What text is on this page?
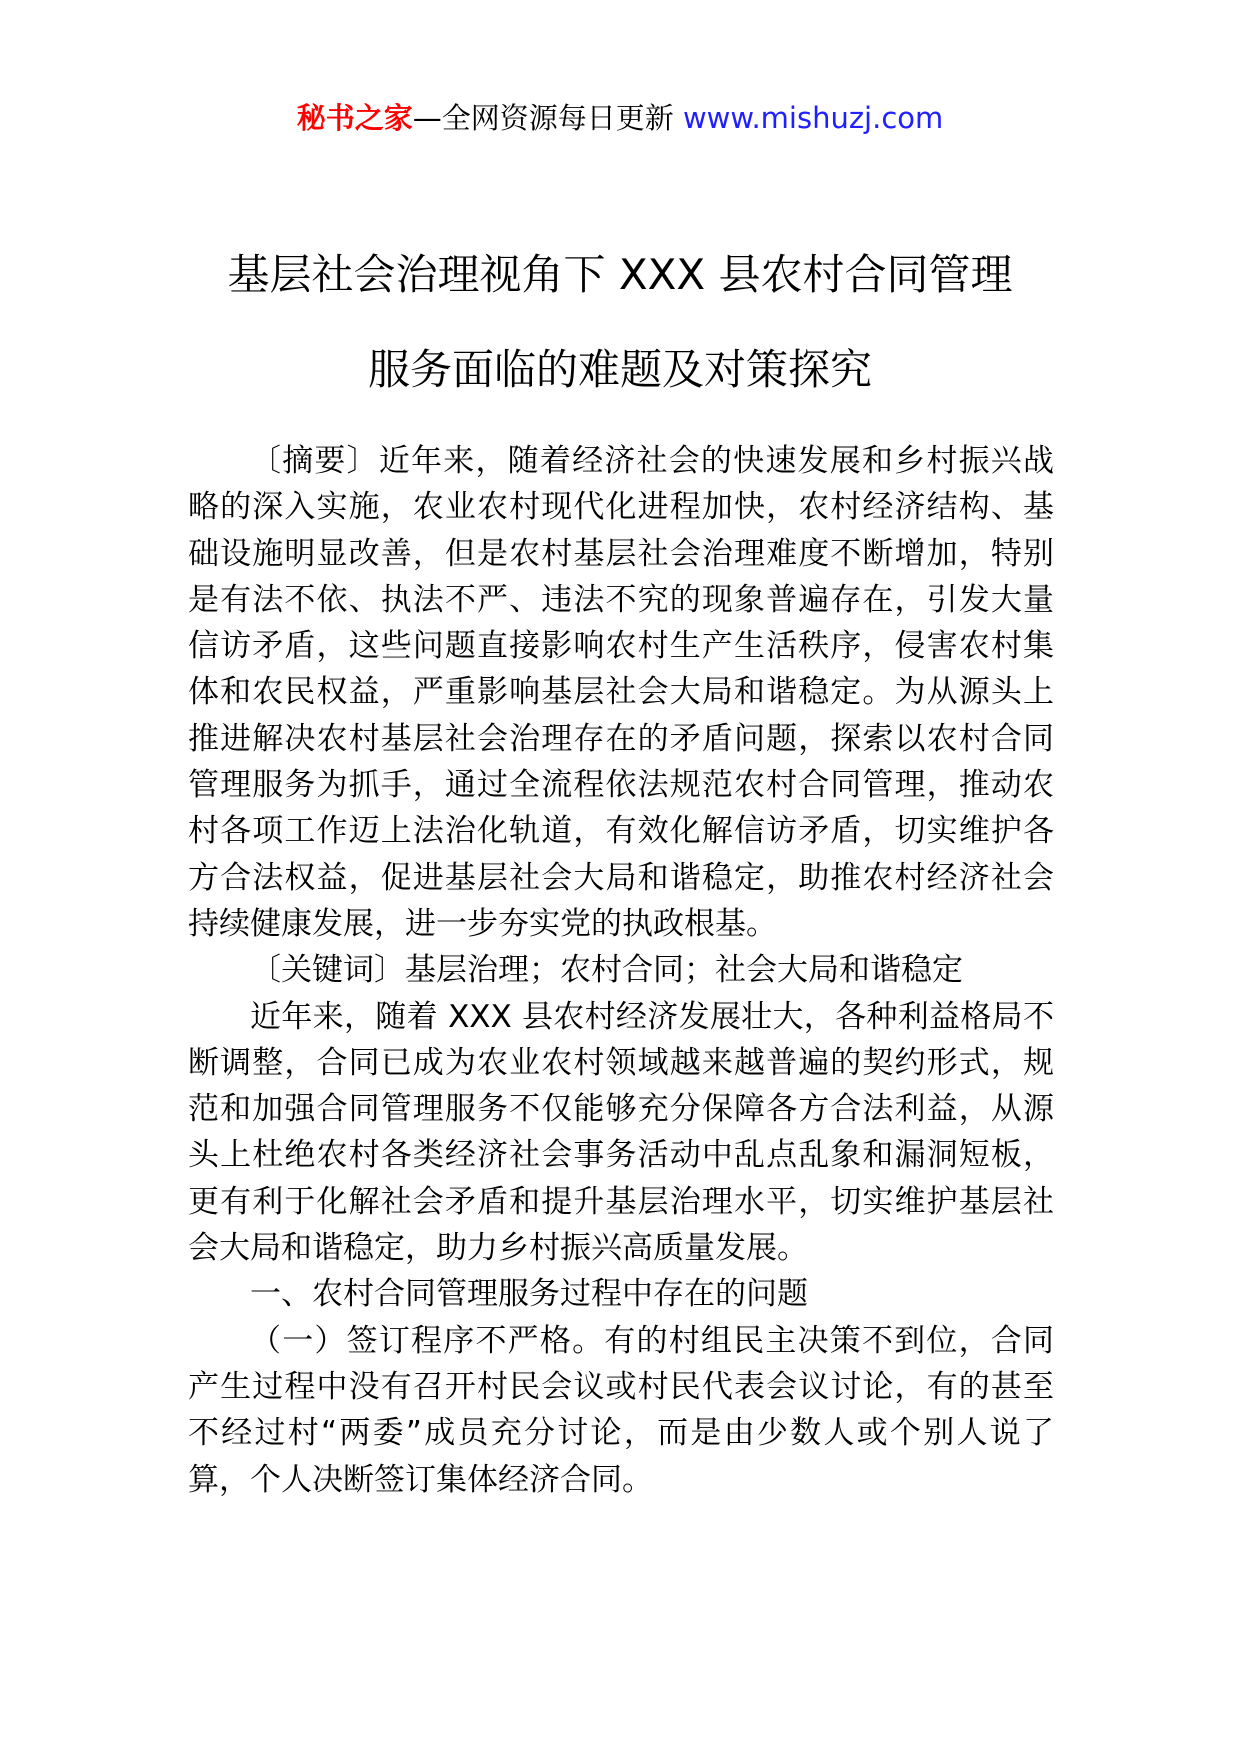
秘书之家—全网资源每日更新 www.mishuzj.com
基层社会治理视角下 XXX 县农村合同管理
服务面临的难题及对策探究

〔摘要〕近年来，随着经济社会的快速发展和乡村振兴战略的深入实施，农业农村现代化进程加快，农村经济结构、基础设施明显改善，但是农村基层社会治理难度不断增加，特别是有法不依、执法不严、违法不究的现象普遍存在，引发大量信访矛盾，这些问题直接影响农村生产生活秩序，侵害农村集体和农民权益，严重影响基层社会大局和谐稳定。为从源头上推进解决农村基层社会治理存在的矛盾问题，探索以农村合同管理服务为抓手，通过全流程依法规范农村合同管理，推动农村各项工作迈上法治化轨道，有效化解信访矛盾，切实维护各方合法权益，促进基层社会大局和谐稳定，助推农村经济社会持续健康发展，进一步夯实党的执政根基。

〔关键词〕基层治理；农村合同；社会大局和谐稳定

近年来，随着 XXX 县农村经济发展壮大，各种利益格局不断调整，合同已成为农业农村领域越来越普遍的契约形式，规范和加强合同管理服务不仅能够充分保障各方合法利益，从源头上杜绝农村各类经济社会事务活动中乱点乱象和漏洞短板，更有利于化解社会矛盾和提升基层治理水平，切实维护基层社会大局和谐稳定，助力乡村振兴高质量发展。

一、农村合同管理服务过程中存在的问题

（一）签订程序不严格。有的村组民主决策不到位，合同产生过程中没有召开村民会议或村民代表会议讨论，有的甚至不经过村“两委”成员充分讨论，而是由少数人或个别人说了算，个人决断签订集体经济合同。
